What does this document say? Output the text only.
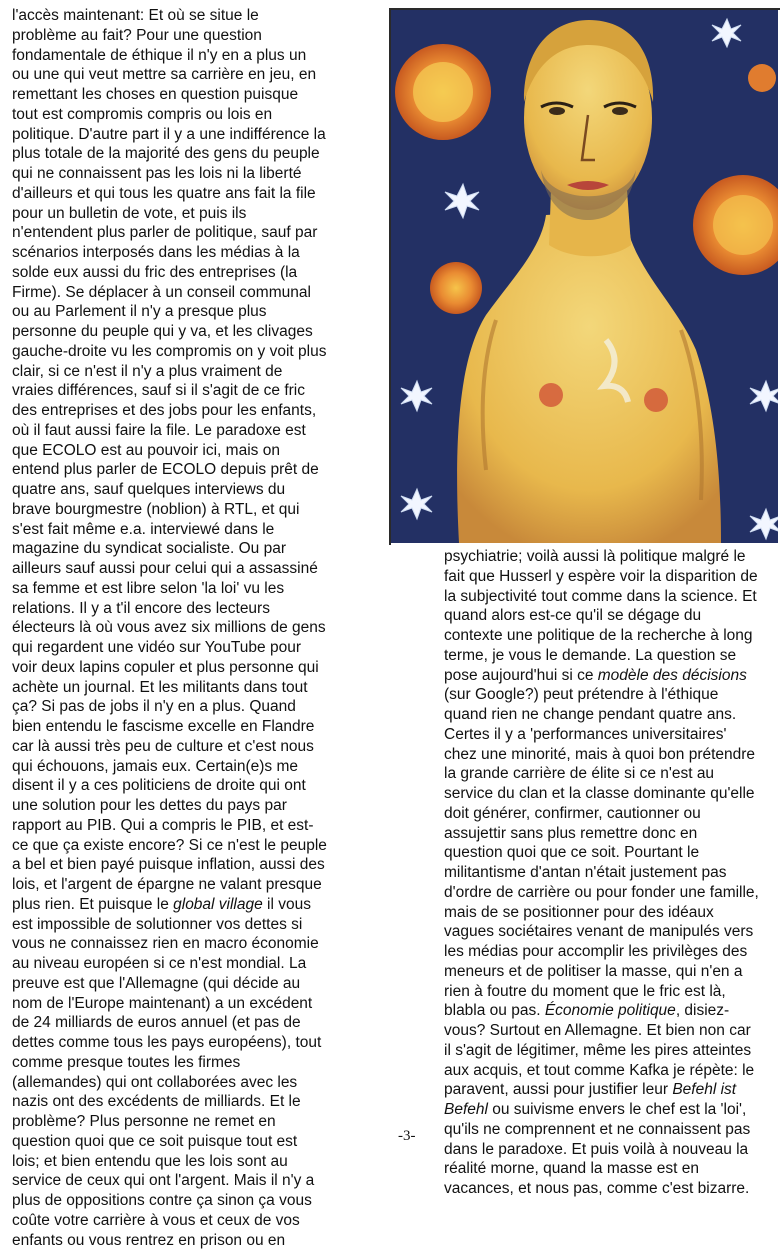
l'accès maintenant: Et où se situe le
problème au fait? Pour une question
fondamentale de éthique il n'y en a plus un
ou une qui veut mettre sa carrière en jeu, en
remettant les choses en question puisque
tout est compromis compris ou lois en
politique. D'autre part il y a une indifférence la
plus totale de la majorité des gens du peuple
qui ne connaissent pas les lois ni la liberté
d'ailleurs et qui tous les quatre ans fait la file
pour un bulletin de vote, et puis ils
n'entendent plus parler de politique, sauf par
scénarios interposés dans les médias à la
solde eux aussi du fric des entreprises (la
Firme). Se déplacer à un conseil communal
ou au Parlement il n'y a presque plus
personne du peuple qui y va, et les clivages
gauche-droite vu les compromis on y voit plus
clair, si ce n'est il n'y a plus vraiment de
vraies différences, sauf si il s'agit de ce fric
des entreprises et des jobs pour les enfants,
où il faut aussi faire la file. Le paradoxe est
que ECOLO est au pouvoir ici, mais on
entend plus parler de ECOLO depuis prêt de
quatre ans, sauf quelques interviews du
brave bourgmestre (noblion) à RTL, et qui
s'est fait même e.a. interviewé dans le
magazine du syndicat socialiste. Ou par
ailleurs sauf aussi pour celui qui a assassiné
sa femme et est libre selon 'la loi' vu les
relations. Il y a t'il encore des lecteurs
électeurs là où vous avez six millions de gens
qui regardent une vidéo sur YouTube pour
voir deux lapins copuler et plus personne qui
achète un journal. Et les militants dans tout
ça? Si pas de jobs il n'y en a plus. Quand
bien entendu le fascisme excelle en Flandre
car là aussi très peu de culture et c'est nous
qui échouons, jamais eux. Certain(e)s me
disent il y a ces politiciens de droite qui ont
une solution pour les dettes du pays par
rapport au PIB. Qui a compris le PIB, et est-
ce que ça existe encore? Si ce n'est le peuple
a bel et bien payé puisque inflation, aussi des
lois, et l'argent de épargne ne valant presque
plus rien. Et puisque le global village il vous
est impossible de solutionner vos dettes si
vous ne connaissez rien en macro économie
au niveau européen si ce n'est mondial. La
preuve est que l'Allemagne (qui décide au
nom de l'Europe maintenant) a un excédent
de 24 milliards de euros annuel (et pas de
dettes comme tous les pays européens), tout
comme presque toutes les firmes
(allemandes) qui ont collaborées avec les
nazis ont des excédents de milliards. Et le
problème? Plus personne ne remet en
question quoi que ce soit puisque tout est
lois; et bien entendu que les lois sont au
service de ceux qui ont l'argent. Mais il n'y a
plus de oppositions contre ça sinon ça vous
coûte votre carrière à vous et ceux de vos
enfants ou vous rentrez en prison ou en
psychiatrie; voilà aussi là politique malgré le
fait que Husserl y espère voir la disparition de
la subjectivité tout comme dans la science. Et
quand alors est-ce qu'il se dégage du
contexte une politique de la recherche à long
terme, je vous le demande. La question se
pose aujourd'hui si ce modèle des décisions
(sur Google?) peut prétendre à l'éthique
quand rien ne change pendant quatre ans.
Certes il y a 'performances universitaires'
chez une minorité, mais à quoi bon prétendre
la grande carrière de élite si ce n'est au
service du clan et la classe dominante qu'elle
doit générer, confirmer, cautionner ou
assujettir sans plus remettre donc en
question quoi que ce soit. Pourtant le
militantisme d'antan n'était justement pas
d'ordre de carrière ou pour fonder une famille,
mais de se positionner pour des idéaux
vagues sociétaires venant de manipulés vers
les médias pour accomplir les privilèges des
meneurs et de politiser la masse, qui n'en a
rien à foutre du moment que le fric est là,
blabla ou pas. Économie politique, disiez-
vous? Surtout en Allemagne. Et bien non car
il s'agit de légitimer, même les pires atteintes
aux acquis, et tout comme Kafka je répète: le
paravent, aussi pour justifier leur Befehl ist
Befehl ou suivisme envers le chef est la 'loi',
qu'ils ne comprennent et ne connaissent pas
dans le paradoxe. Et puis voilà à nouveau la
réalité morne, quand la masse est en
vacances, et nous pas, comme c'est bizarre.
-3-
